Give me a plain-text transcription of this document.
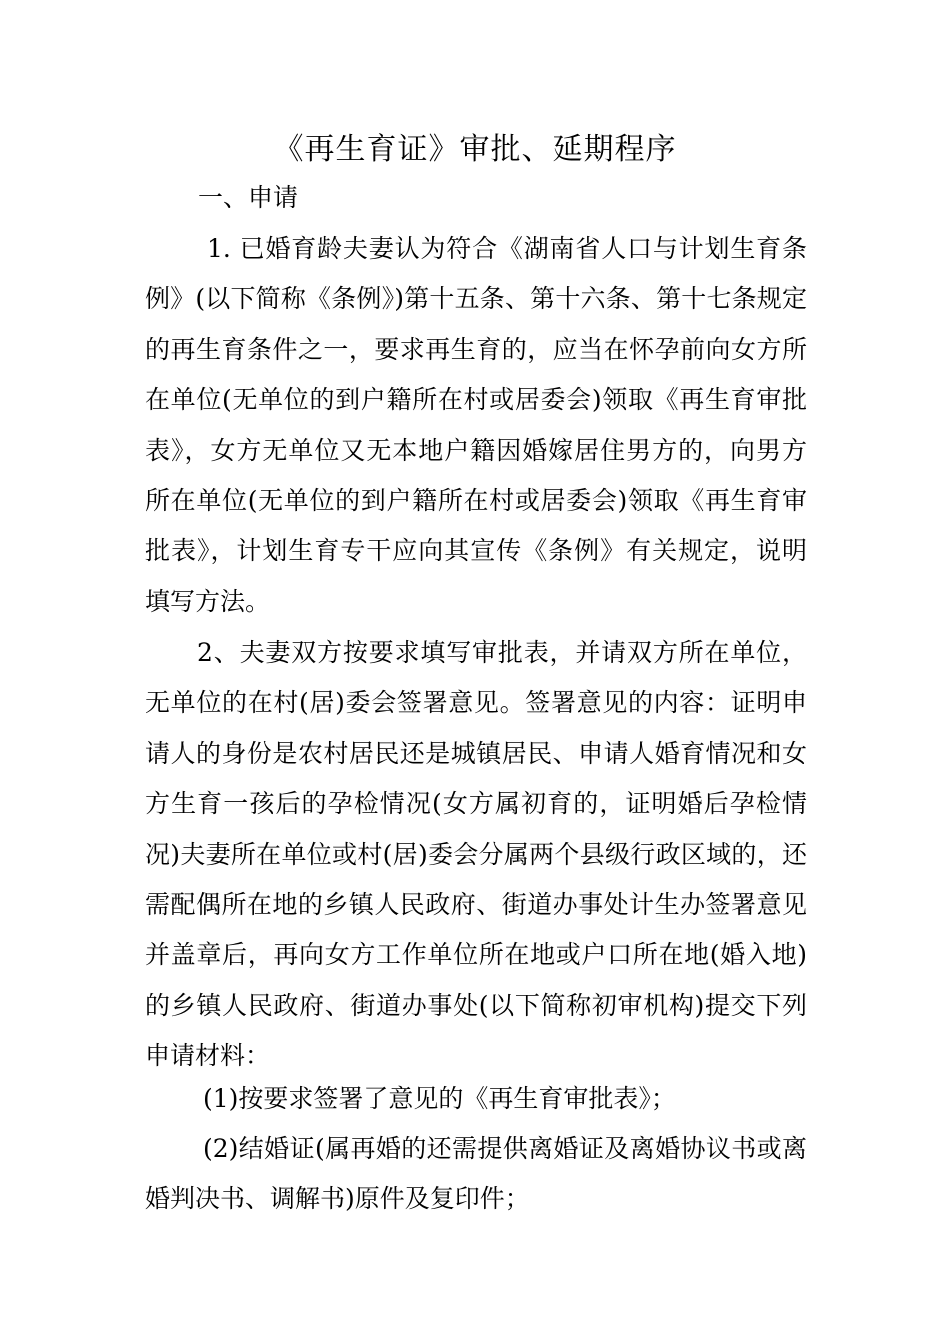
《再生育证》审批、延期程序
一、申请

1. 已婚育龄夫妻认为符合《湖南省人口与计划生育条例》(以下简称《条例》)第十五条、第十六条、第十七条规定的再生育条件之一，要求再生育的，应当在怀孕前向女方所在单位(无单位的到户籍所在村或居委会)领取《再生育审批表》，女方无单位又无本地户籍因婚嫁居住男方的，向男方所在单位(无单位的到户籍所在村或居委会)领取《再生育审批表》，计划生育专干应向其宣传《条例》有关规定，说明填写方法。

2、夫妻双方按要求填写审批表，并请双方所在单位，无单位的在村(居)委会签署意见。签署意见的内容：证明申请人的身份是农村居民还是城镇居民、申请人婚育情况和女方生育一孩后的孕检情况(女方属初育的，证明婚后孕检情况)夫妻所在单位或村(居)委会分属两个县级行政区域的，还需配偶所在地的乡镇人民政府、街道办事处计生办签署意见并盖章后，再向女方工作单位所在地或户口所在地(婚入地)的乡镇人民政府、街道办事处(以下简称初审机构)提交下列申请材料：

(1)按要求签署了意见的《再生育审批表》；

(2)结婚证(属再婚的还需提供离婚证及离婚协议书或离婚判决书、调解书)原件及复印件；
